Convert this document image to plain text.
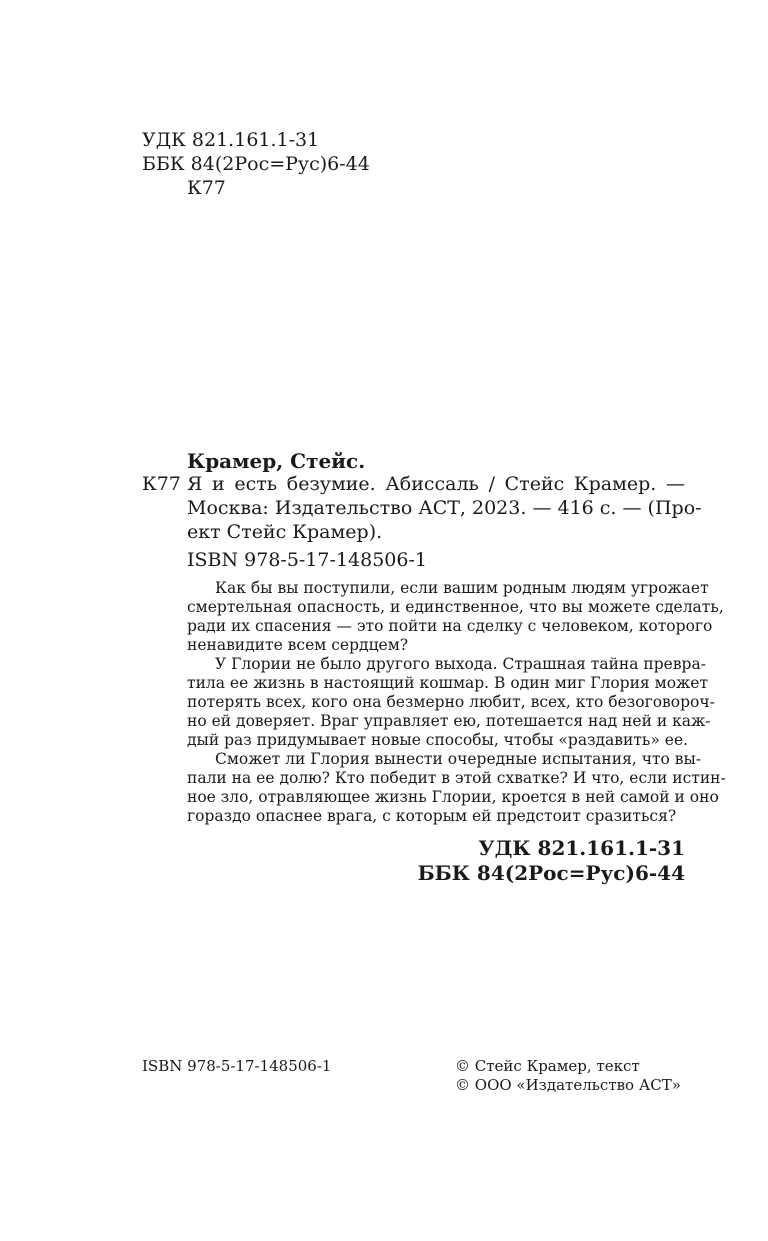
УДК 821.161.1-31
ББК 84(2Рос=Рус)6-44
К77
Крамер, Стейс.
К77 Я и есть безумие. Абиссаль / Стейс Крамер. —
Москва: Издательство АСТ, 2023. — 416 с. — (Про-
ект Стейс Крамер).
ISBN 978-5-17-148506-1
Как бы вы поступили, если вашим родным людям угрожает
смертельная опасность, и единственное, что вы можете сделать,
ради их спасения — это пойти на сделку с человеком, которого
ненавидите всем сердцем?
У Глории не было другого выхода. Страшная тайна превра-
тила ее жизнь в настоящий кошмар. В один миг Глория может
потерять всех, кого она безмерно любит, всех, кто безоговороч-
но ей доверяет. Враг управляет ею, потешается над ней и каж-
дый раз придумывает новые способы, чтобы «раздавить» ее.
Сможет ли Глория вынести очередные испытания, что вы-
пали на ее долю? Кто победит в этой схватке? И что, если истин-
ное зло, отравляющее жизнь Глории, кроется в ней самой и оно
гораздо опаснее врага, с которым ей предстоит сразиться?
УДК 821.161.1-31
ББК 84(2Рос=Рус)6-44
ISBN 978-5-17-148506-1	© Стейс Крамер, текст
© ООО «Издательство АСТ»
